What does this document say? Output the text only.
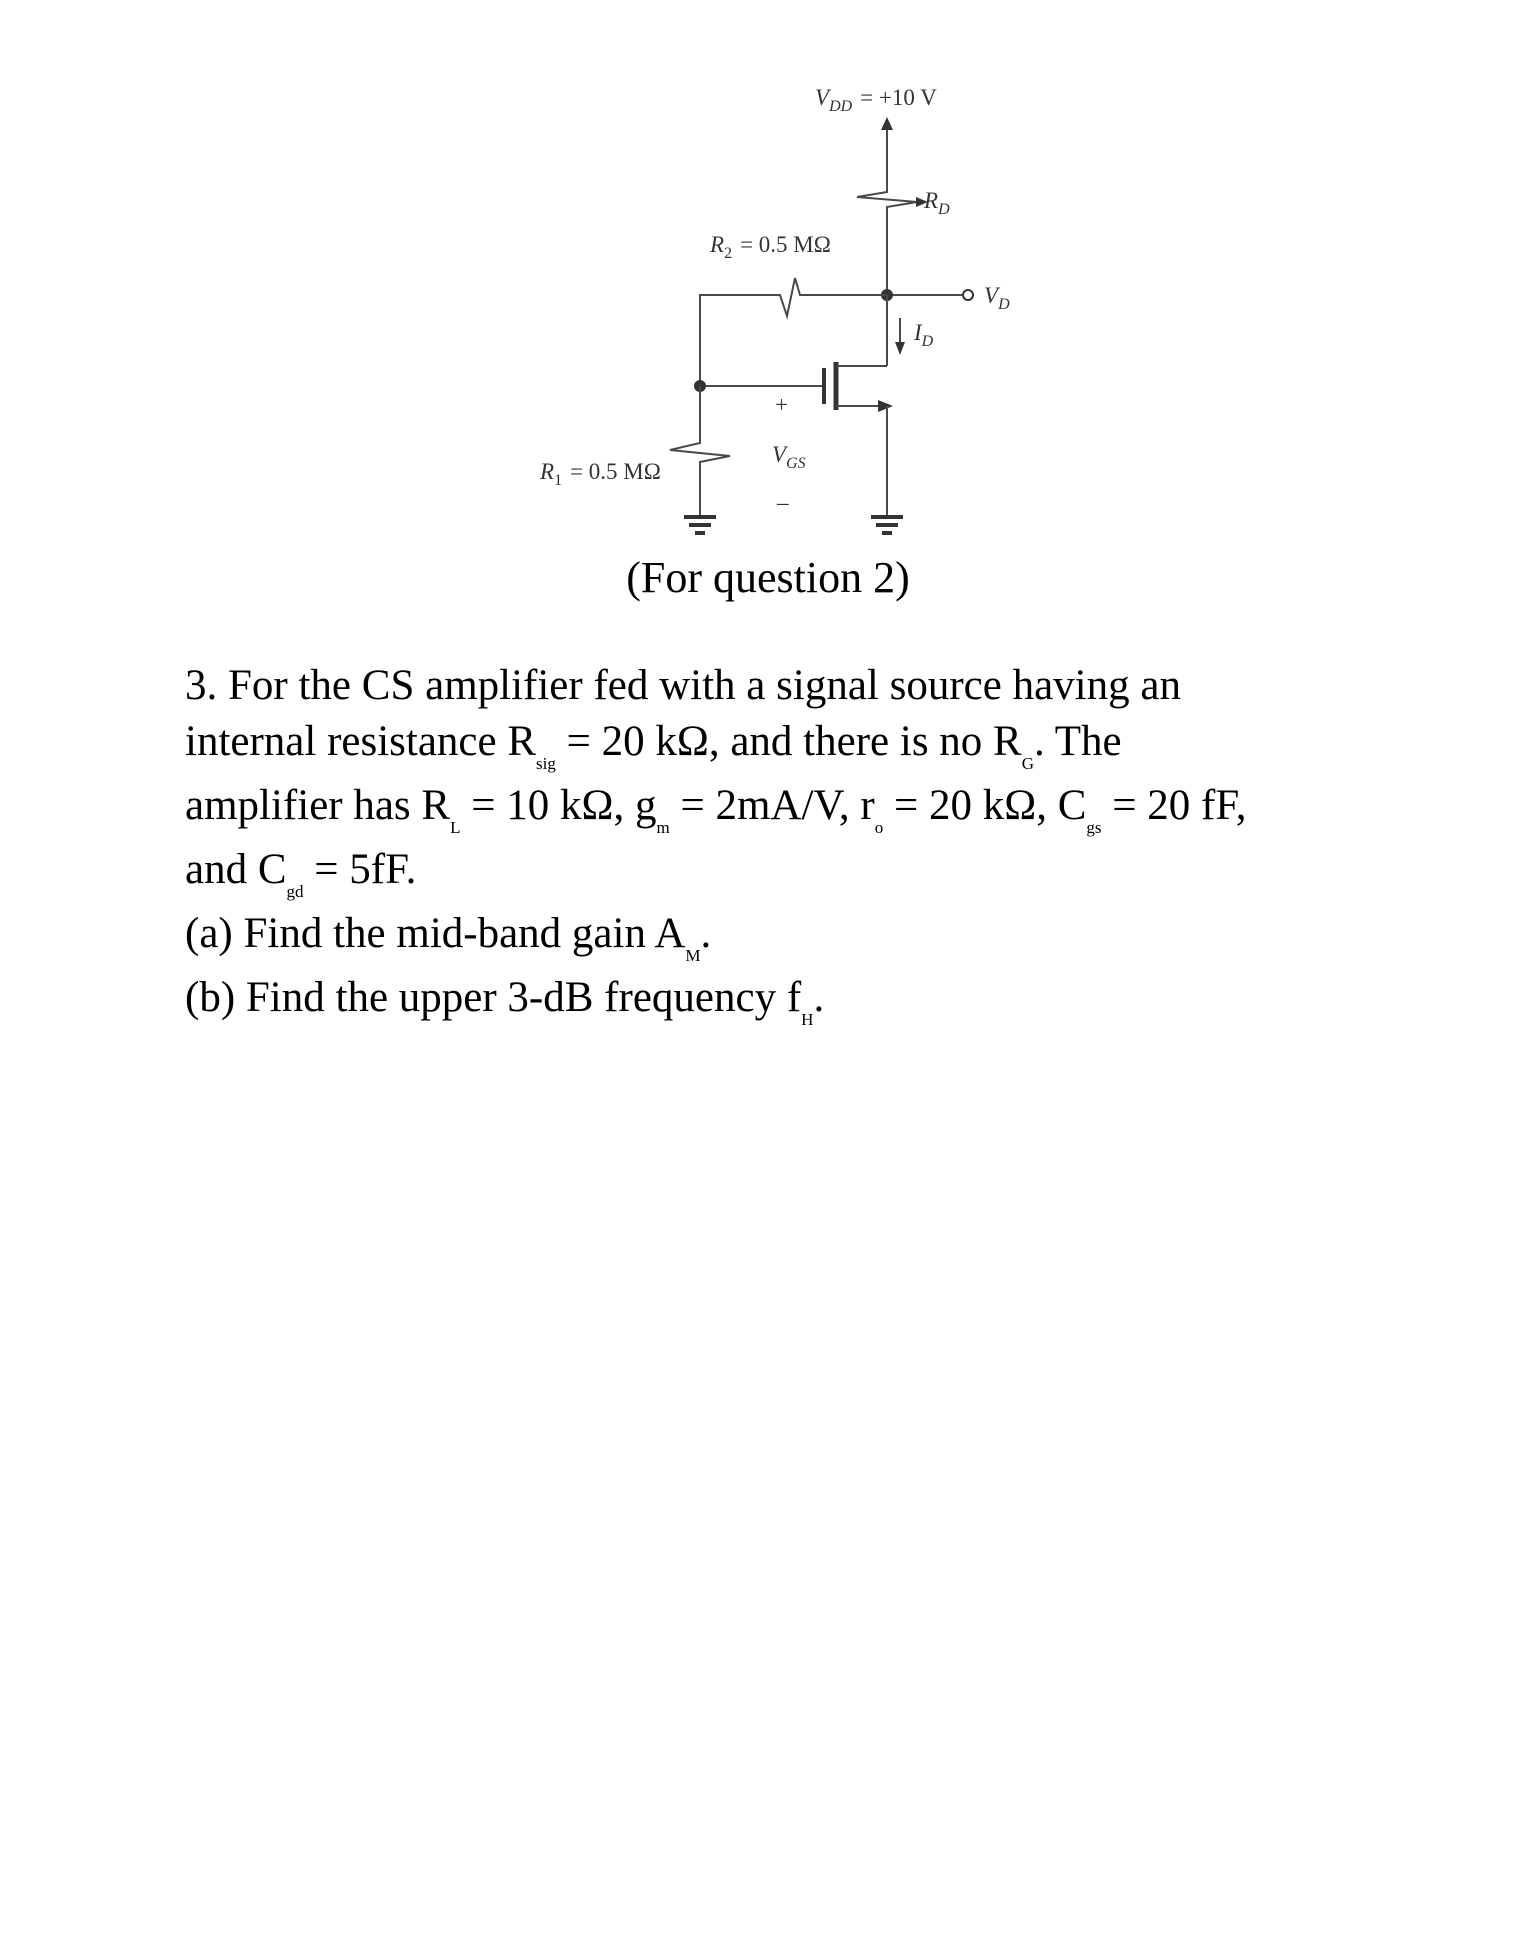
$V_{DD} = +10$ V
$R_D$
$V_D$
$R_2 = 0.5$ MΩ
$I_D$
+
$V_{GS}$
–
$R_1 = 0.5$ MΩ
(For question 2)

3. For the CS amplifier fed with a signal source having an

internal resistance $R_{sig} = 20$ kΩ, and there is no $R_G$. The

amplifier has $R_L = 10$ kΩ, $g_m = 2mA/V$, $r_o = 20$ kΩ, $C_{gs} = 20$ fF,

and $C_{gd} = 5fF$.

(a) Find the mid-band gain $A_M$.

(b) Find the upper 3-dB frequency $f_H$.
